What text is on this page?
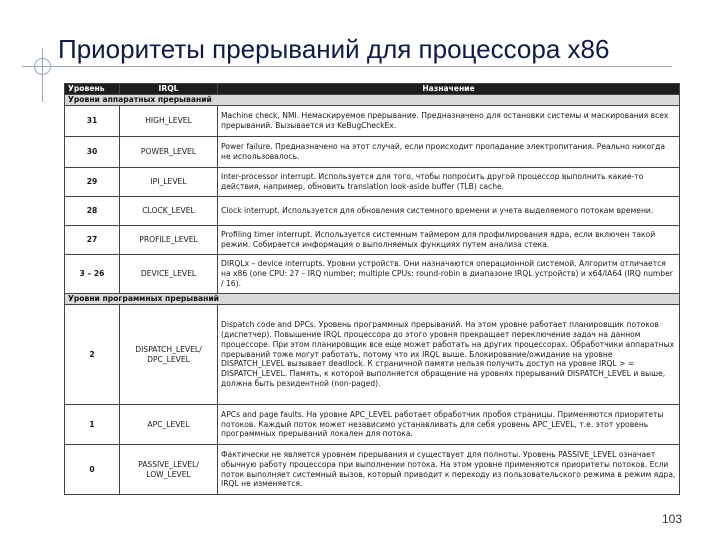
Приоритеты прерываний для процессора x86
Уровень	IRQL	Назначение
Уровни аппаратных прерываний		
31	HIGH_LEVEL	Machine check, NMI. Немаскируемое прерывание. Предназначено для остановки системы и маскирования всех прерываний. Вызывается из KeBugCheckEx.
30	POWER_LEVEL	Power failure. Предназначено на этот случай, если происходит пропадание электропитания. Реально никогда не использовалось.
29	IPI_LEVEL	Inter-processor interrupt. Используется для того, чтобы попросить другой процессор выполнить какие-то действия, например, обновить translation look-aside buffer (TLB) cache.
28	CLOCK_LEVEL	Clock interrupt. Используется для обновления системного времени и учета выделяемого потокам времени.
27	PROFILE_LEVEL	Profiling timer interrupt. Используется системным таймером для профилирования ядра, если включен такой режим. Собирается информация о выполняемых функциях путем анализа стека.
3 – 26	DEVICE_LEVEL	DIRQLx – device interrupts. Уровни устройств. Они назначаются операционной системой. Алгоритм отличается на x86 (one CPU: 27 – IRQ number; multiple CPUs: round-robin в диапазоне IRQL устройств) и x64/IA64 (IRQ number / 16).
Уровни программных прерываний		
2	DISPATCH_LEVEL/ DPC_LEVEL	Dispatch code and DPCs. Уровень программных прерываний. На этом уровне работает планировщик потоков (диспетчер). Повышение IRQL процессора до этого уровня прекращает переключение задач на данном процессоре. При этом планировщик все еще может работать на других процессорах. Обработчики аппаратных прерываний тоже могут работать, потому что их IRQL выше. Блокирование/ожидание на уровне DISPATCH_LEVEL вызывает deadlock. К страничной памяти нельзя получить доступ на уровне IRQL > = DISPATCH_LEVEL. Память, к которой выполняется обращение на уровнях прерываний DISPATCH_LEVEL и выше, должна быть резидентной (non-paged).
1	APC_LEVEL	APCs and page faults. На уровне APC_LEVEL работает обработчик пробоя страницы. Применяются приоритеты потоков. Каждый поток может независимо устанавливать для себя уровень APC_LEVEL, т.е. этот уровень программных прерываний локален для потока.
0	PASSIVE_LEVEL/ LOW_LEVEL	Фактически не является уровнем прерывания и существует для полноты. Уровень PASSIVE_LEVEL означает обычную работу процессора при выполнении потока. На этом уровне применяются приоритеты потоков. Если поток выполняет системный вызов, который приводит к переходу из пользовательского режима в режим ядра, IRQL не изменяется.
103
